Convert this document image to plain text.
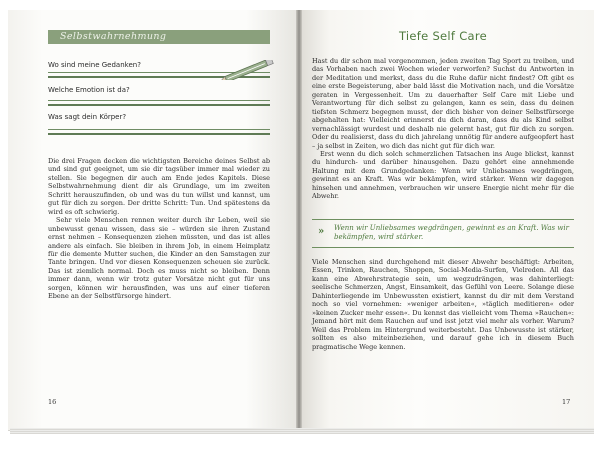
Selbstwahrnehmung
Wo sind meine Gedanken?
Welche Emotion ist da?
Was sagt dein Körper?

Die drei Fragen decken die wichtigsten Bereiche deines Selbst ab und sind gut geeignet, um sie dir tagsüber immer mal wieder zu stellen. Sie begegnen dir auch am Ende jedes Kapitels. Diese Selbstwahrnehmung dient dir als Grundlage, um im zweiten Schritt herauszufinden, ob und was du tun willst und kannst, um gut für dich zu sorgen. Der dritte Schritt: Tun. Und spätestens da wird es oft schwierig.

Sehr viele Menschen rennen weiter durch ihr Leben, weil sie unbewusst genau wissen, dass sie – würden sie ihren Zustand ernst nehmen – Konsequenzen ziehen müssten, und das ist alles andere als einfach. Sie bleiben in ihrem Job, in einem Heimplatz für die demente Mutter suchen, die Kinder an den Samstagen zur Tante bringen. Und vor diesen Konsequenzen scheuen sie zurück. Das ist ziemlich normal. Doch es muss nicht so bleiben. Denn immer dann, wenn wir trotz guter Vorsätze nicht gut für uns sorgen, können wir herausfinden, was uns auf einer tieferen Ebene an der Selbstfürsorge hindert.

16
Tiefe Self Care

Hast du dir schon mal vorgenommen, jeden zweiten Tag Sport zu treiben, und das Vorhaben nach zwei Wochen wieder verworfen? Suchst du Antworten in der Meditation und merkst, dass du die Ruhe dafür nicht findest? Oft gibt es eine erste Begeisterung, aber bald lässt die Motivation nach, und die Vorsätze geraten in Vergessenheit. Um zu dauerhafter Self Care mit Liebe und Verantwortung für dich selbst zu gelangen, kann es sein, dass du deinen tiefsten Schmerz begegnen musst, der dich bisher von deiner Selbstfürsorge abgehalten hat: Vielleicht erinnerst du dich daran, dass du als Kind selbst vernachlässigt wurdest und deshalb nie gelernt hast, gut für dich zu sorgen. Oder du realisierst, dass du dich jahrelang unnötig für andere aufgeopfert hast – ja selbst in Zeiten, wo dich das nicht gut für dich war.

Erst wenn du dich solch schmerzlichen Tatsachen ins Auge blickst, kannst du hindurch- und darüber hinausgehen. Dazu gehört eine annehmende Haltung mit dem Grundgedanken: Wenn wir Unliebsames wegdrängen, gewinnt es an Kraft. Was wir bekämpfen, wird stärker. Wenn wir dagegen hinsehen und annehmen, verbrauchen wir unsere Energie nicht mehr für die Abwehr.

» Wenn wir Unliebsames wegdrängen, gewinnt es an Kraft. Was wir bekämpfen, wird stärker.

Viele Menschen sind durchgehend mit dieser Abwehr beschäftigt: Arbeiten, Essen, Trinken, Rauchen, Shoppen, Social-Media-Surfen, Vielreden. All das kann eine Abwehrstrategie sein, um wegzudrängen, was dahinterliegt: seelische Schmerzen, Angst, Einsamkeit, das Gefühl von Leere. Solange diese Dahinterliegende im Unbewussten existiert, kannst du dir mit dem Verstand noch so viel vornehmen: »weniger arbeiten«, »täglich meditieren« oder »keinen Zucker mehr essen«. Du kennst das vielleicht vom Thema »Rauchen«: Jemand hört mit dem Rauchen auf und isst jetzt viel mehr als vorher. Warum? Weil das Problem im Hintergrund weiterbesteht. Das Unbewusste ist stärker, sollten es also miteinbeziehen, und darauf gehe ich in diesem Buch pragmatische Wege kennen.

17
